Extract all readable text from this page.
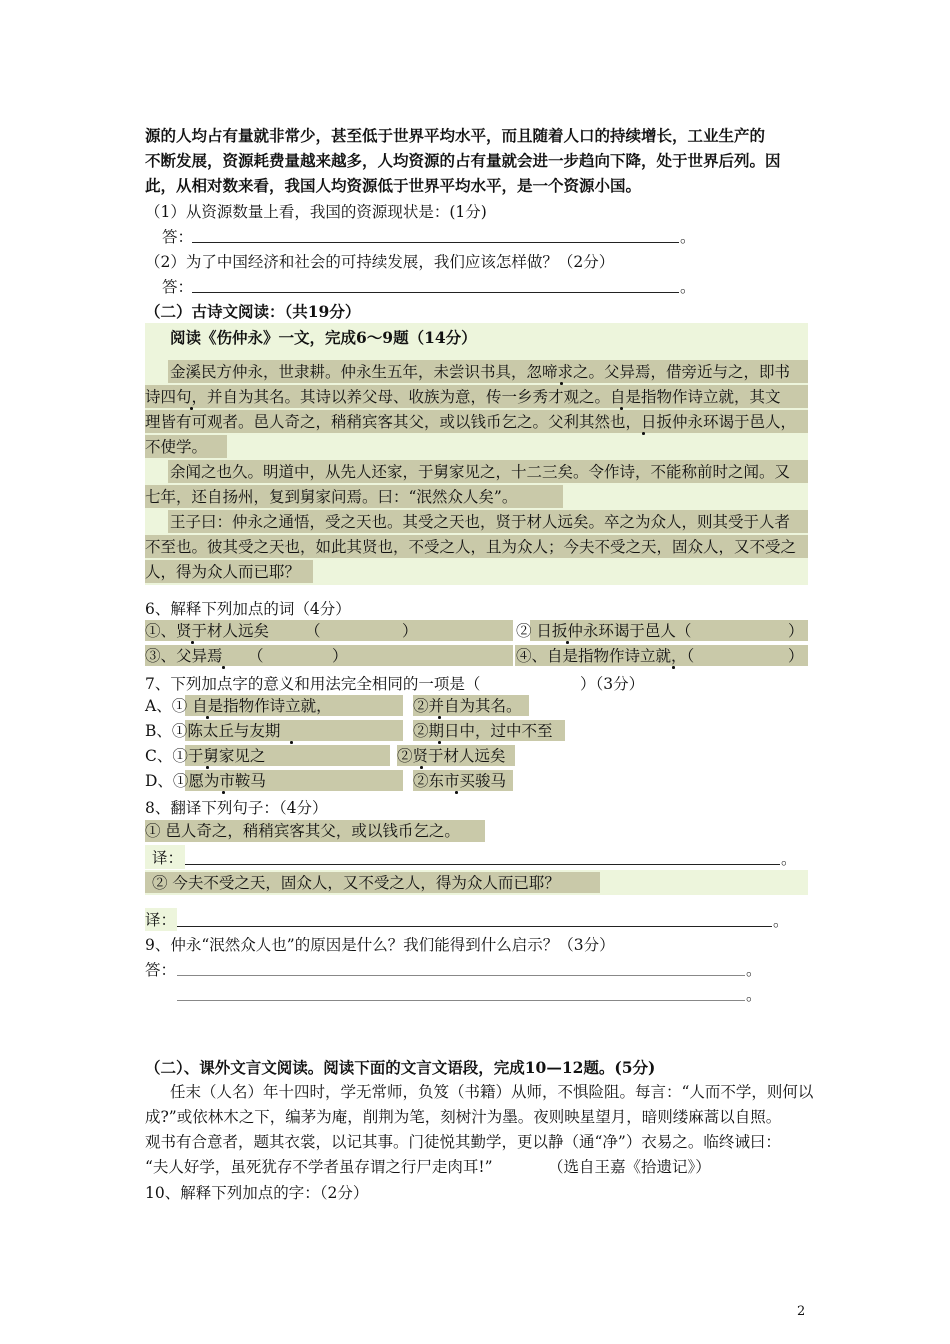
源的人均占有量就非常少，甚至低于世界平均水平，而且随着人口的持续增长，工业生产的
不断发展，资源耗费量越来越多，人均资源的占有量就会进一步趋向下降，处于世界后列。因
此，从相对数来看，我国人均资源低于世界平均水平，是一个资源小国。
（1）从资源数量上看，我国的资源现状是：(1分)
答：	。
（2）为了中国经济和社会的可持续发展，我们应该怎样做？（2分）
答：	。
（二）古诗文阅读：（共19分）
阅读《伤仲永》一文，完成6～9题（14分）
金溪民方仲永，世隶耕。仲永生五年，未尝识书具，忽啼求之。父异焉，借旁近与之，即书
诗四句，并自为其名。其诗以养父母、收族为意，传一乡秀才观之。自是指物作诗立就，其文
理皆有可观者。邑人奇之，稍稍宾客其父，或以钱币乞之。父利其然也，日扳仲永环谒于邑人，
不使学。
余闻之也久。明道中，从先人还家，于舅家见之，十二三矣。令作诗，不能称前时之闻。又
七年，还自扬州，复到舅家问焉。曰：“泯然众人矣”。
王子曰：仲永之通悟，受之天也。其受之天也，贤于材人远矣。卒之为众人，则其受于人者
不至也。彼其受之天也，如此其贤也，不受之人，且为众人；今夫不受之天，固众人，又不受之
人，得为众人而已耶？
6、解释下列加点的词（4分）
①、贤于材人远矣 （	）	② 日扳仲永环谒于邑人（	）
③、父异焉 （	）	④、自是指物作诗立就，（	）
7、下列加点字的意义和用法完全相同的一项是（	）（3分）
A、① 自是指物作诗立就，	②并自为其名。
B、①陈太丘与友期	②期日中，过中不至
C、①于舅家见之	②贤于材人远矣
D、①愿为市鞍马	②东市买骏马
8、翻译下列句子：（4分）
① 邑人奇之，稍稍宾客其父，或以钱币乞之。
译：	。
② 今夫不受之天，固众人，又不受之人，得为众人而已耶？
译：	。
9、仲永“泯然众人也”的原因是什么？我们能得到什么启示？（3分）
答：	。
。
（二）、课外文言文阅读。阅读下面的文言文语段，完成10—12题。(5分)
任末（人名）年十四时，学无常师，负笈（书籍）从师，不惧险阻。每言：“人而不学，则何以
成?”或依林木之下，编茅为庵，削荆为笔，刻树汁为墨。夜则映星望月，暗则缕麻蒿以自照。
观书有合意者，题其衣裳，以记其事。门徒悦其勤学，更以静（通“净”）衣易之。临终诫曰：
“夫人好学，虽死犹存不学者虽存谓之行尸走肉耳!”	（选自王嘉《拾遗记》）
10、解释下列加点的字：（2分）
2
